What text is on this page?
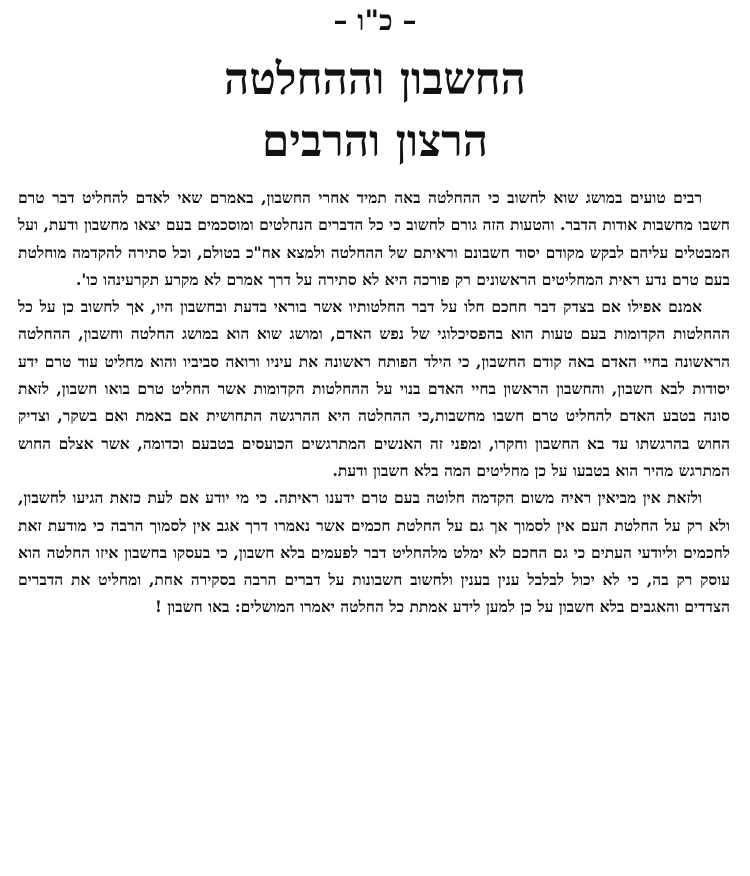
– כ"ו –
החשבון וההחלטה
הרצון והרבים

רבים טועים במושג שוא לחשוב כי ההחלטה באה תמיד אחרי החשבון, באמרם שאי לאדם להחליט דבר טרם חשבו מחשבות אודות הדבר. והטעות הזה גורם לחשוב כי כל הדברים הנחלטים ומוסכמים בעם יצאו מחשבון ודעת, ועל המבטלים עליהם לבקש מקודם יסוד חשבונם וראיתם של ההחלטה ולמצא אח"כ בטולם, וכל סתירה להקדמה מוחלטת בעם טרם נדע ראית המחליטים הראשונים רק פורכה היא לא סתירה על דרך אמרם לא מקרע תקרעינהו כו'.

אמנם אפילו אם בצדק דבר חחכם חלו על דבר החלטותיו אשר בוראי בדעת ובחשבון היו, אך לחשוב כן על כל ההחלטות הקדומות בעם טעות הוא בהפסיכלוגי של נפש האדם, ומושג שוא הוא במושג החלטה וחשבון, ההחלטה הראשונה בחיי האדם באה קודם החשבון, כי הילד הפותח ראשונה את עיניו ורואה סביביו והוא מחליט עוד טרם ידע יסודות לבא חשבון, והחשבון הראשון בחיי האדם בנוי על ההחלטות הקדומות אשר החליט טרם בואו חשבון, לזאת סונה בטבע האדם להחליט טרם חשבו מחשבות,כי ההחלטה היא ההרגשה התחושית אם באמת ואם בשקר, וצדיק החוש בהרגשתו עד בא החשבון וחקרו, ומפני זה האנשים המתרגשים הכועסים בטבעם וכדומה, אשר אצלם החוש המתרגש מהיר הוא בטבעו על כן מחליטים המה בלא חשבון ודעת.

ולזאת אין מביאין ראיה משום הקדמה חלוטה בעם טרם ידענו ראיתה. כי מי יודע אם לעת כזאת הגיעו לחשבון, ולא רק על החלטת העם אין לסמוך אך גם על החלטת חכמים אשר נאמרו דרך אגב אין לסמוך הרבה כי מודעת זאת לחכמים וליודעי העתים כי גם החכם לא ימלט מלהחליט דבר לפעמים בלא חשבון, כי בעסקו בחשבון איזו החלטה הוא עוסק רק בה, כי לא יכול לבלבל ענין בענין ולחשוב חשבונות על דברים הרבה בסקירה אחת, ומחליט את הדברים הצדדים והאגבים בלא חשבון על כן למען לידע אמתת כל החלטה יאמרו המושלים: באו חשבון !
